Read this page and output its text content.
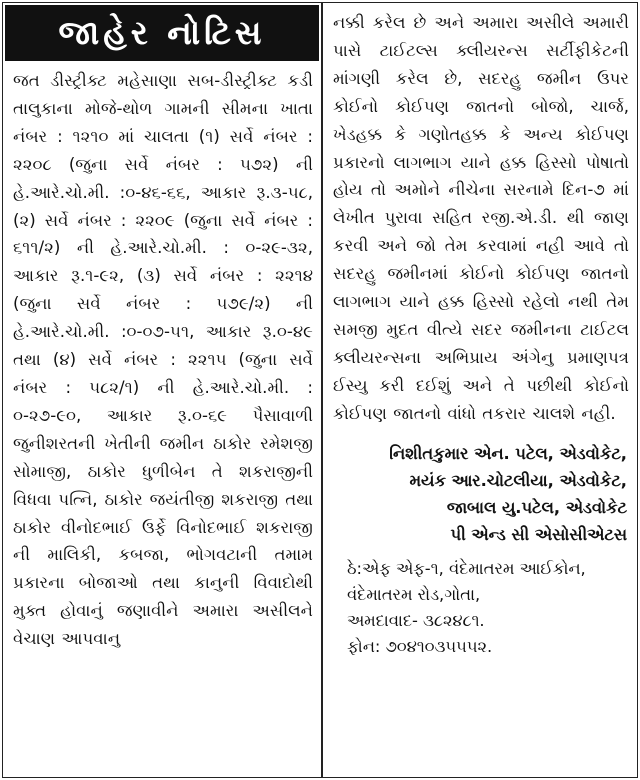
જાહેર નોટિસ

જત ડીસ્ટ્રીક્ટ મહેસાણા સબ-ડીસ્ટ્રીક્ટ કડી તાલુકાના મોજે-થોળ ગામની સીમના ખાતા નંબર : ૧૨૧૦ માં ચાલતા (૧) સર્વે નંબર : ૨૨૦૮ (જુના સર્વે નંબર : ૫૭૨) ની હે.આરે.ચો.મી. :૦-૪૬-૬૬, આકાર રૂ.૩-૫૮, (૨) સર્વે નંબર : ૨૨૦૯ (જુના સર્વે નંબર : ૬૧૧/૨) ની હે.આરે.ચો.મી. : ૦-૨૯-૩૨, આકાર રૂ.૧-૯૨, (૩) સર્વે નંબર : ૨૨૧૪ (જુના સર્વે નંબર : ૫૭૯/૨) ની હે.આરે.ચો.મી. :૦-૦૭-૫૧, આકાર રૂ.૦-૪૯ તથા (૪) સર્વે નંબર : ૨૨૧૫ (જુના સર્વે નંબર : ૫૮૨/૧) ની હે.આરે.ચો.મી. : ૦-૨૭-૯૦, આકાર રૂ.૦-૬૯ પૈસાવાળી જુનીશરતની ખેતીની જમીન ઠાકોર રમેશજી સોમાજી, ઠાકોર ધુળીબેન તે શકરાજીની વિધવા પત્નિ, ઠાકોર જયંતીજી શકરાજી તથા ઠાકોર વીનોદભાઈ ઉર્ફે વિનોદભાઈ શકરાજી ની માલિકી, કબજા, ભોગવટાની તમામ પ્રકારના બોજાઓ તથા કાનુની વિવાદોથી મુક્ત હોવાનું જણાવીને અમારા અસીલને વેચાણ આપવાનુ

નક્કી કરેલ છે અને અમારા અસીલે અમારી પાસે ટાઈટલ્સ ક્લીયરન્સ સર્ટીફીકેટની માંગણી કરેલ છે, સદરહુ જમીન ઉપર કોઈનો કોઈપણ જાતનો બોજો, ચાર્જ, ખેડહક્ક કે ગણોતહક્ક કે અન્ય કોઈપણ પ્રકારનો લાગભાગ યાને હક્ક હિસ્સો પોષાતો હોય તો અમોને નીચેના સરનામે દિન-૭ માં લેખીત પુરાવા સહિત રજી.એ.ડી. થી જાણ કરવી અને જો તેમ કરવામાં નહી આવે તો સદરહુ જમીનમાં કોઈનો કોઈપણ જાતનો લાગભાગ યાને હક્ક હિસ્સો રહેલો નથી તેમ સમજી મુદત વીત્યે સદર જમીનના ટાઈટલ ક્લીયરન્સના અભિપ્રાય અંગેનુ પ્રમાણપત્ર ઈસ્યુ કરી દઈશું અને તે પછીથી કોઈનો કોઈપણ જાતનો વાંધો તકરાર ચાલશે નહી.

નિશીતકુમાર એન. પટેલ, એડવોકેટ,
મયંક આર.ચોટલીયા, એડવોકેટ,
જાબાલ યુ.પટેલ, એડવોકેટ
પી એન્ડ સી એસોસીએટસ
ઠે:એફ એફ-૧, વંદેમાતરમ આઈકોન,
વંદેમાતરમ રોડ,ગોતા,
અમદાવાદ- ૩૮૨૪૮૧.
ફોન: ૭૦૪૧૦૩૫૫૫૨.
